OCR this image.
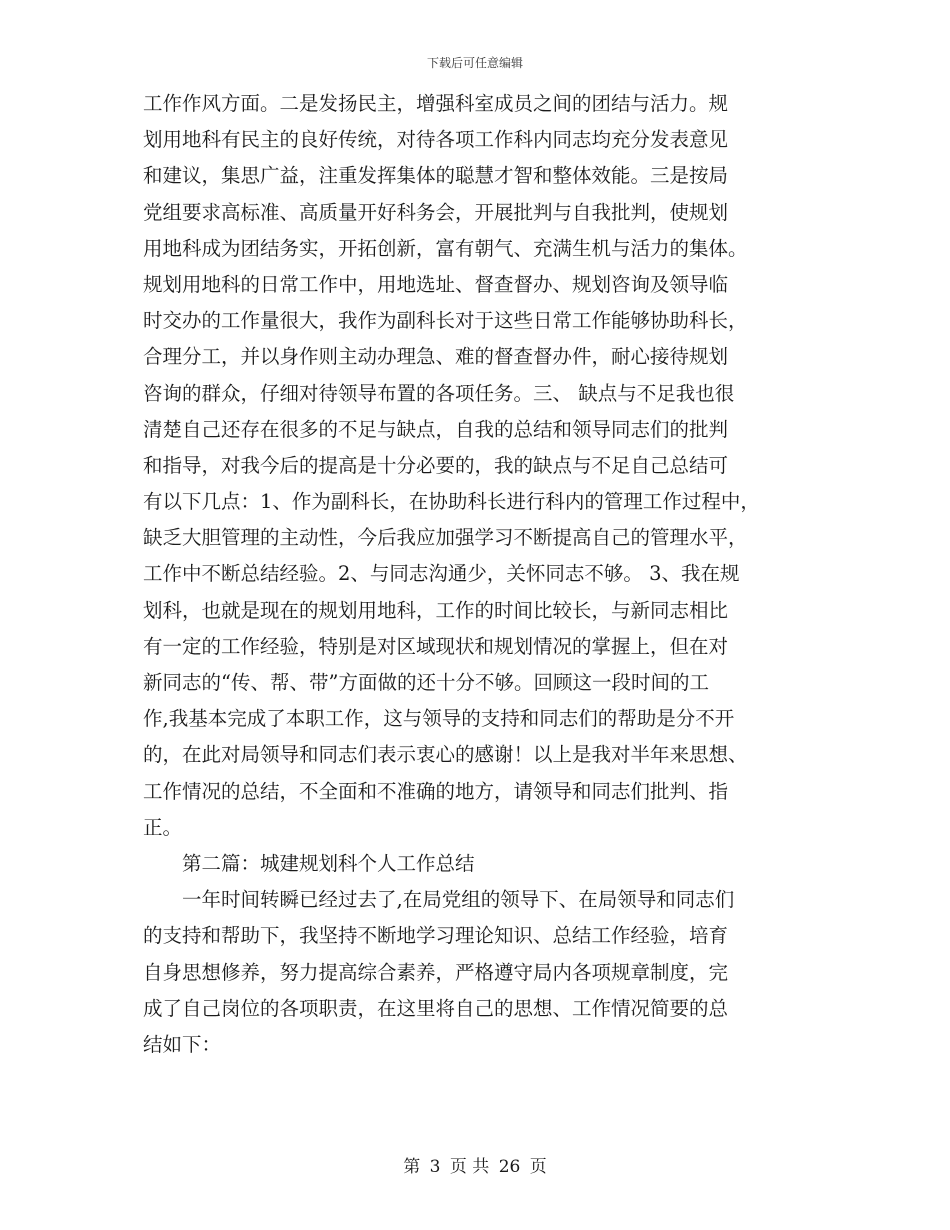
下载后可任意编辑
工作作风方面。二是发扬民主，增强科室成员之间的团结与活力。规
划用地科有民主的良好传统，对待各项工作科内同志均充分发表意见
和建议，集思广益，注重发挥集体的聪慧才智和整体效能。三是按局
党组要求高标准、高质量开好科务会，开展批判与自我批判，使规划
用地科成为团结务实，开拓创新，富有朝气、充满生机与活力的集体。
规划用地科的日常工作中，用地选址、督查督办、规划咨询及领导临
时交办的工作量很大，我作为副科长对于这些日常工作能够协助科长，
合理分工，并以身作则主动办理急、难的督查督办件，耐心接待规划
咨询的群众，仔细对待领导布置的各项任务。三、 缺点与不足我也很
清楚自己还存在很多的不足与缺点，自我的总结和领导同志们的批判
和指导，对我今后的提高是十分必要的，我的缺点与不足自己总结可
有以下几点：1、作为副科长，在协助科长进行科内的管理工作过程中，
缺乏大胆管理的主动性，今后我应加强学习不断提高自己的管理水平，
工作中不断总结经验。2、与同志沟通少，关怀同志不够。 3、我在规
划科，也就是现在的规划用地科，工作的时间比较长，与新同志相比
有一定的工作经验，特别是对区域现状和规划情况的掌握上，但在对
新同志的“传、帮、带”方面做的还十分不够。回顾这一段时间的工
作,我基本完成了本职工作，这与领导的支持和同志们的帮助是分不开
的，在此对局领导和同志们表示衷心的感谢！以上是我对半年来思想、
工作情况的总结，不全面和不准确的地方，请领导和同志们批判、指
正。
　　第二篇：城建规划科个人工作总结
　　一年时间转瞬已经过去了,在局党组的领导下、在局领导和同志们
的支持和帮助下，我坚持不断地学习理论知识、总结工作经验，培育
自身思想修养，努力提高综合素养，严格遵守局内各项规章制度，完
成了自己岗位的各项职责，在这里将自己的思想、工作情况简要的总
结如下：
第 3 页 共 26 页
